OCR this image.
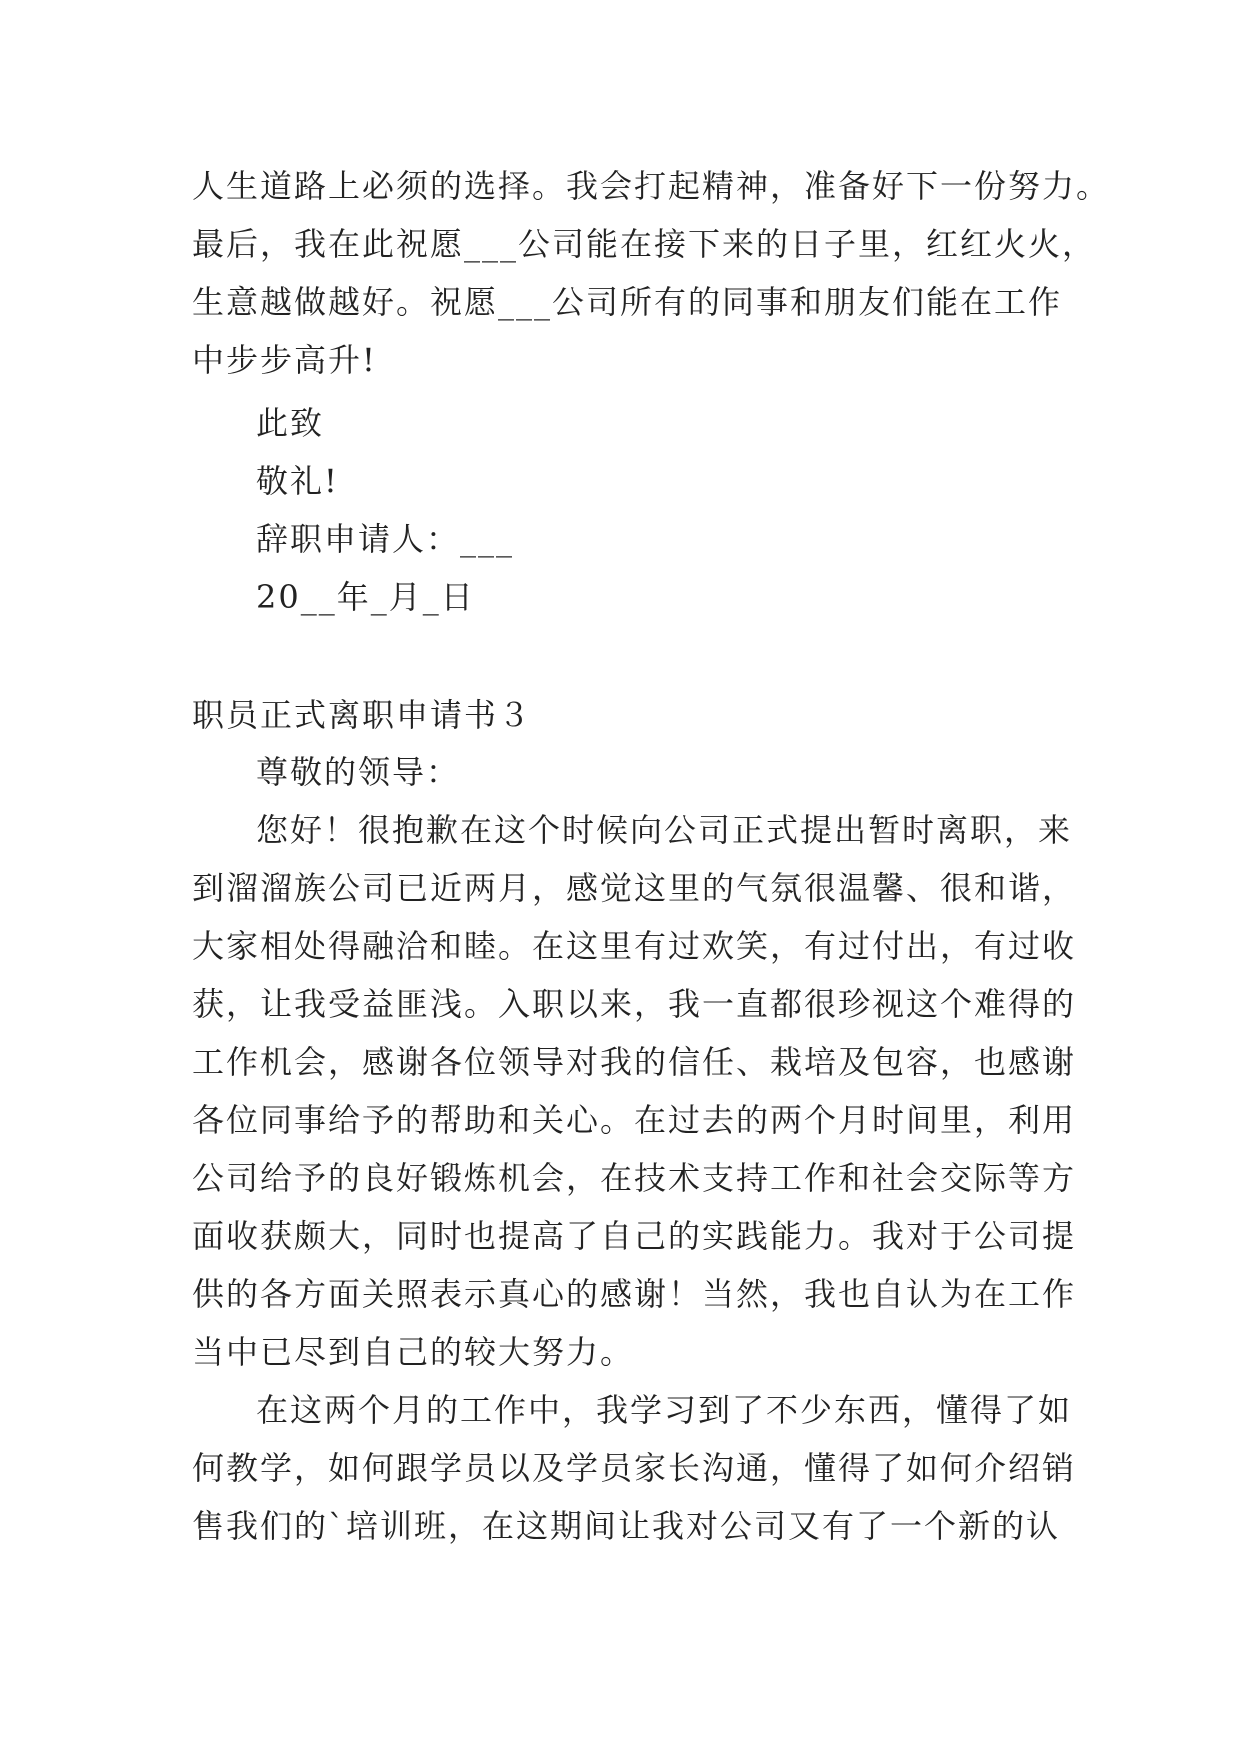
人生道路上必须的选择。我会打起精神，准备好下一份努力。
最后，我在此祝愿___公司能在接下来的日子里，红红火火，
生意越做越好。祝愿___公司所有的同事和朋友们能在工作
中步步高升!
此致
敬礼!
辞职申请人：___
20__年_月_日
职员正式离职申请书３
尊敬的领导：
您好！很抱歉在这个时候向公司正式提出暂时离职，来
到溜溜族公司已近两月，感觉这里的气氛很温馨、很和谐，
大家相处得融洽和睦。在这里有过欢笑，有过付出，有过收
获，让我受益匪浅。入职以来，我一直都很珍视这个难得的
工作机会，感谢各位领导对我的信任、栽培及包容，也感谢
各位同事给予的帮助和关心。在过去的两个月时间里，利用
公司给予的良好锻炼机会，在技术支持工作和社会交际等方
面收获颇大，同时也提高了自己的实践能力。我对于公司提
供的各方面关照表示真心的感谢！当然，我也自认为在工作
当中已尽到自己的较大努力。
在这两个月的工作中，我学习到了不少东西，懂得了如
何教学，如何跟学员以及学员家长沟通，懂得了如何介绍销
售我们的`培训班，在这期间让我对公司又有了一个新的认
